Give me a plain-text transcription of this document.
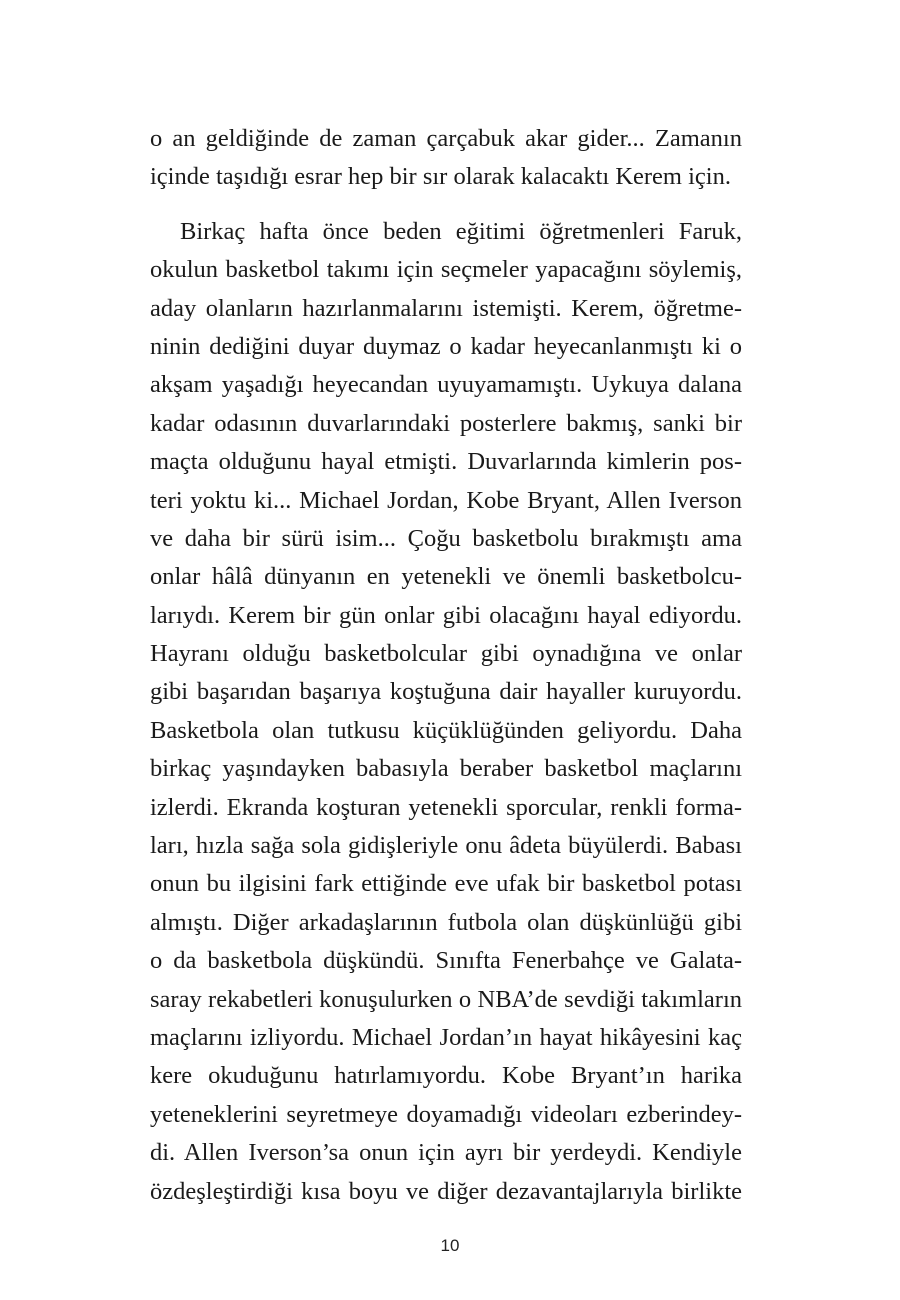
o an geldiğinde de zaman çarçabuk akar gider... Zamanın
içinde taşıdığı esrar hep bir sır olarak kalacaktı Kerem için.
Birkaç hafta önce beden eğitimi öğretmenleri Faruk,
okulun basketbol takımı için seçmeler yapacağını söylemiş,
aday olanların hazırlanmalarını istemişti. Kerem, öğretme-
ninin dediğini duyar duymaz o kadar heyecanlanmıştı ki o
akşam yaşadığı heyecandan uyuyamamıştı. Uykuya dalana
kadar odasının duvarlarındaki posterlere bakmış, sanki bir
maçta olduğunu hayal etmişti. Duvarlarında kimlerin pos-
teri yoktu ki... Michael Jordan, Kobe Bryant, Allen Iverson
ve daha bir sürü isim... Çoğu basketbolu bırakmıştı ama
onlar hâlâ dünyanın en yetenekli ve önemli basketbolcu-
larıydı. Kerem bir gün onlar gibi olacağını hayal ediyordu.
Hayranı olduğu basketbolcular gibi oynadığına ve onlar
gibi başarıdan başarıya koştuğuna dair hayaller kuruyordu.
Basketbola olan tutkusu küçüklüğünden geliyordu. Daha
birkaç yaşındayken babasıyla beraber basketbol maçlarını
izlerdi. Ekranda koşturan yetenekli sporcular, renkli forma-
ları, hızla sağa sola gidişleriyle onu âdeta büyülerdi. Babası
onun bu ilgisini fark ettiğinde eve ufak bir basketbol potası
almıştı. Diğer arkadaşlarının futbola olan düşkünlüğü gibi
o da basketbola düşkündü. Sınıfta Fenerbahçe ve Galata-
saray rekabetleri konuşulurken o NBA’de sevdiği takımların
maçlarını izliyordu. Michael Jordan’ın hayat hikâyesini kaç
kere okuduğunu hatırlamıyordu. Kobe Bryant’ın harika
yeteneklerini seyretmeye doyamadığı videoları ezberindey-
di. Allen Iverson’sa onun için ayrı bir yerdeydi. Kendiyle
özdeşleştirdiği kısa boyu ve diğer dezavantajlarıyla birlikte
10
